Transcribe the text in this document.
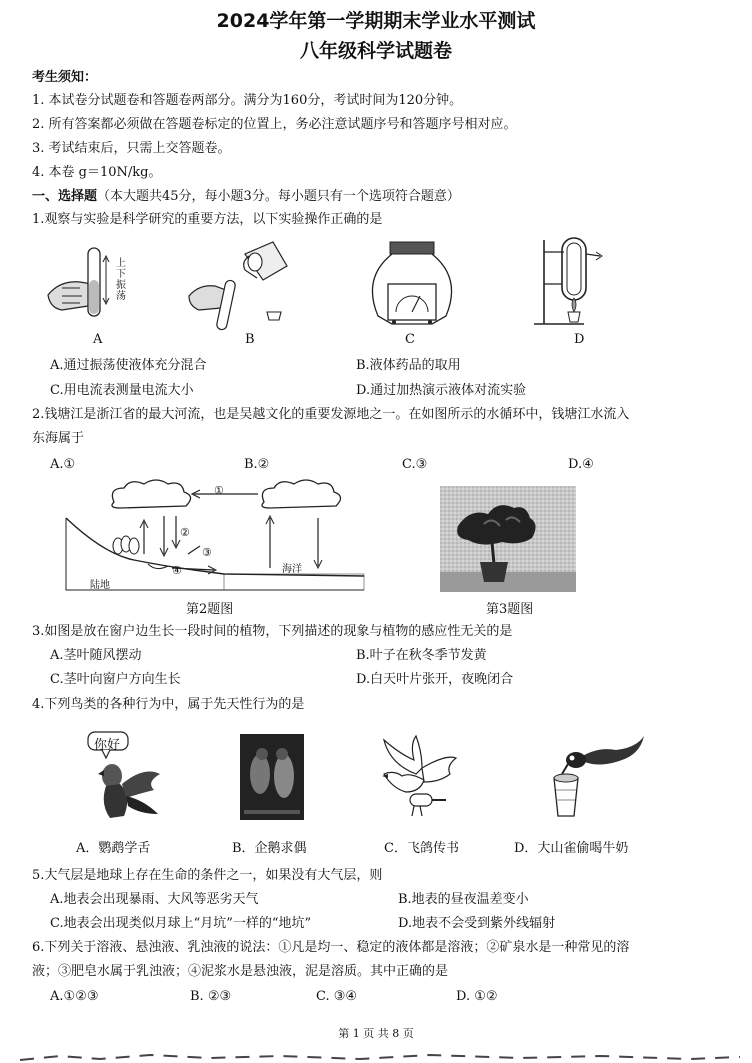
2024学年第一学期期末学业水平测试
八年级科学试题卷
考生须知：
1. 本试卷分试题卷和答题卷两部分。满分为160分，考试时间为120分钟。
2. 所有答案都必须做在答题卷标定的位置上，务必注意试题序号和答题序号相对应。
3. 考试结束后，只需上交答题卷。
4. 本卷 g＝10N/kg。
一、选择题（本大题共45分，每小题3分。每小题只有一个选项符合题意）
1.观察与实验是科学研究的重要方法，以下实验操作正确的是
上
下
振
荡
A	B	C	D
A.通过振荡使液体充分混合	B.液体药品的取用
C.用电流表测量电流大小	D.通过加热演示液体对流实验
2.钱塘江是浙江省的最大河流，也是吴越文化的重要发源地之一。在如图所示的水循环中，钱塘江水流入
东海属于
A.①	B.②	C.③	D.④
①
②
③
④
陆地
海洋
第2题图	第3题图
3.如图是放在窗户边生长一段时间的植物，下列描述的现象与植物的感应性无关的是
A.茎叶随风摆动	B.叶子在秋冬季节发黄
C.茎叶向窗户方向生长	D.白天叶片张开，夜晚闭合
4.下列鸟类的各种行为中，属于先天性行为的是
你好
A．鹦鹉学舌	B．企鹅求偶	C．飞鸽传书	D．大山雀偷喝牛奶
5.大气层是地球上存在生命的条件之一，如果没有大气层，则
A.地表会出现暴雨、大风等恶劣天气	B.地表的昼夜温差变小
C.地表会出现类似月球上“月坑”一样的“地坑”	D.地表不会受到紫外线辐射
6.下列关于溶液、悬浊液、乳浊液的说法：①凡是均一、稳定的液体都是溶液；②矿泉水是一种常见的溶
液；③肥皂水属于乳浊液；④泥浆水是悬浊液，泥是溶质。其中正确的是
A.①②③	B. ②③	C. ③④	D. ①②
第 1 页 共 8 页
